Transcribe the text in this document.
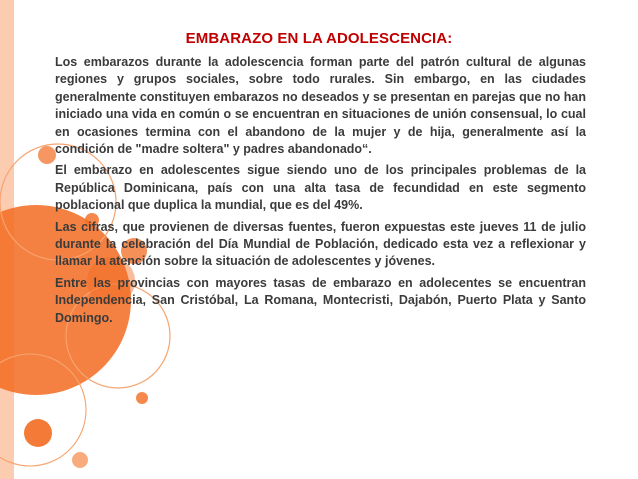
EMBARAZO EN LA ADOLESCENCIA:

Los embarazos durante la adolescencia forman parte del patrón cultural de algunas regiones y grupos sociales, sobre todo rurales. Sin embargo, en las ciudades generalmente constituyen embarazos no deseados y se presentan en parejas que no han iniciado una vida en común o se encuentran en situaciones de unión consensual, lo cual en ocasiones termina con el abandono de la mujer y de hija, generalmente así la condición de "madre soltera" y padres abandonado“.

El embarazo en adolescentes sigue siendo uno de los principales problemas de la República Dominicana, país con una alta tasa de fecundidad en este segmento poblacional que duplica la mundial, que es del 49%.

Las cifras, que provienen de diversas fuentes, fueron expuestas este jueves 11 de julio durante la celebración del Día Mundial de Población, dedicado esta vez a reflexionar y llamar la atención sobre la situación de adolescentes y jóvenes.

Entre las provincias con mayores tasas de embarazo en adolecentes se encuentran Independencia, San Cristóbal, La Romana, Montecristi, Dajabón, Puerto Plata y Santo Domingo.
